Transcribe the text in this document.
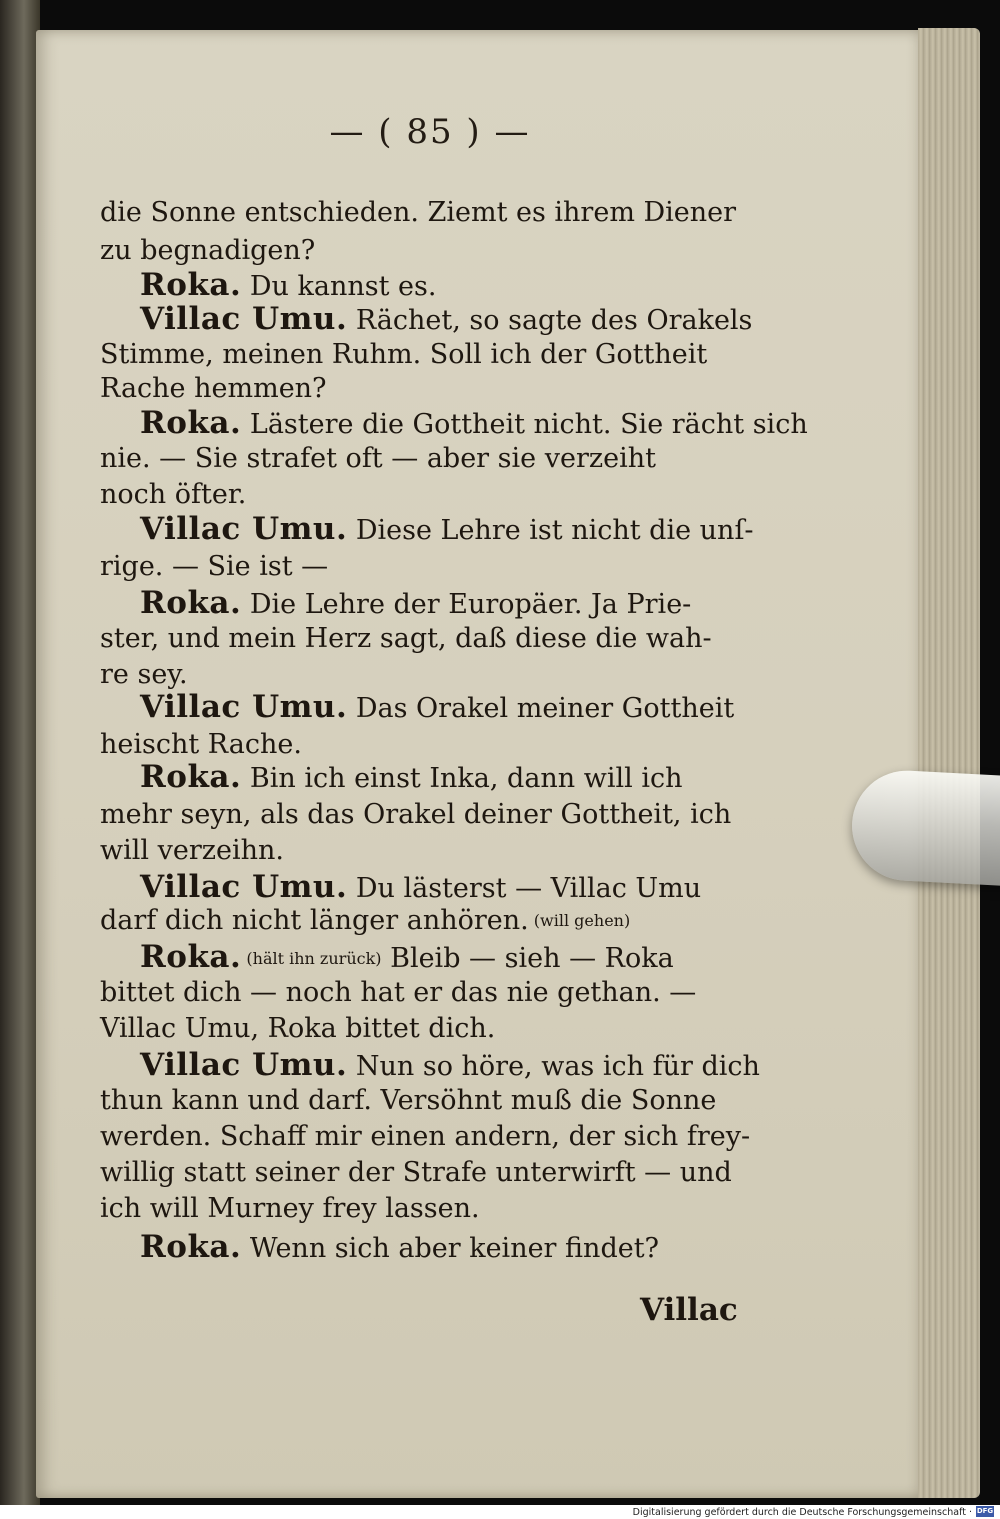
— ( 85 ) —
die Sonne entschieden. Ziemt es ihrem Diener
zu begnadigen?
Roka. Du kannst es.
Villac Umu. Rächet, so sagte des Orakels
Stimme, meinen Ruhm. Soll ich der Gottheit
Rache hemmen?
Roka. Lästere die Gottheit nicht. Sie rächt sich
nie. — Sie strafet oft — aber sie verzeiht
noch öfter.
Villac Umu. Diese Lehre ist nicht die unſ-
rige. — Sie ist —
Roka. Die Lehre der Europäer. Ja Prie-
ster, und mein Herz sagt, daß diese die wah-
re sey.
Villac Umu. Das Orakel meiner Gottheit
heischt Rache.
Roka. Bin ich einst Inka, dann will ich
mehr seyn, als das Orakel deiner Gottheit, ich
will verzeihn.
Villac Umu. Du lästerst — Villac Umu
darf dich nicht länger anhören. (will gehen)
Roka. (hält ihn zurück) Bleib — sieh — Roka
bittet dich — noch hat er das nie gethan. —
Villac Umu, Roka bittet dich.
Villac Umu. Nun so höre, was ich für dich
thun kann und darf. Versöhnt muß die Sonne
werden. Schaff mir einen andern, der sich frey-
willig statt seiner der Strafe unterwirft — und
ich will Murney frey lassen.
Roka. Wenn sich aber keiner findet?
Villac
Digitalisierung gefördert durch die Deutsche Forschungsgemeinschaft · DFG
